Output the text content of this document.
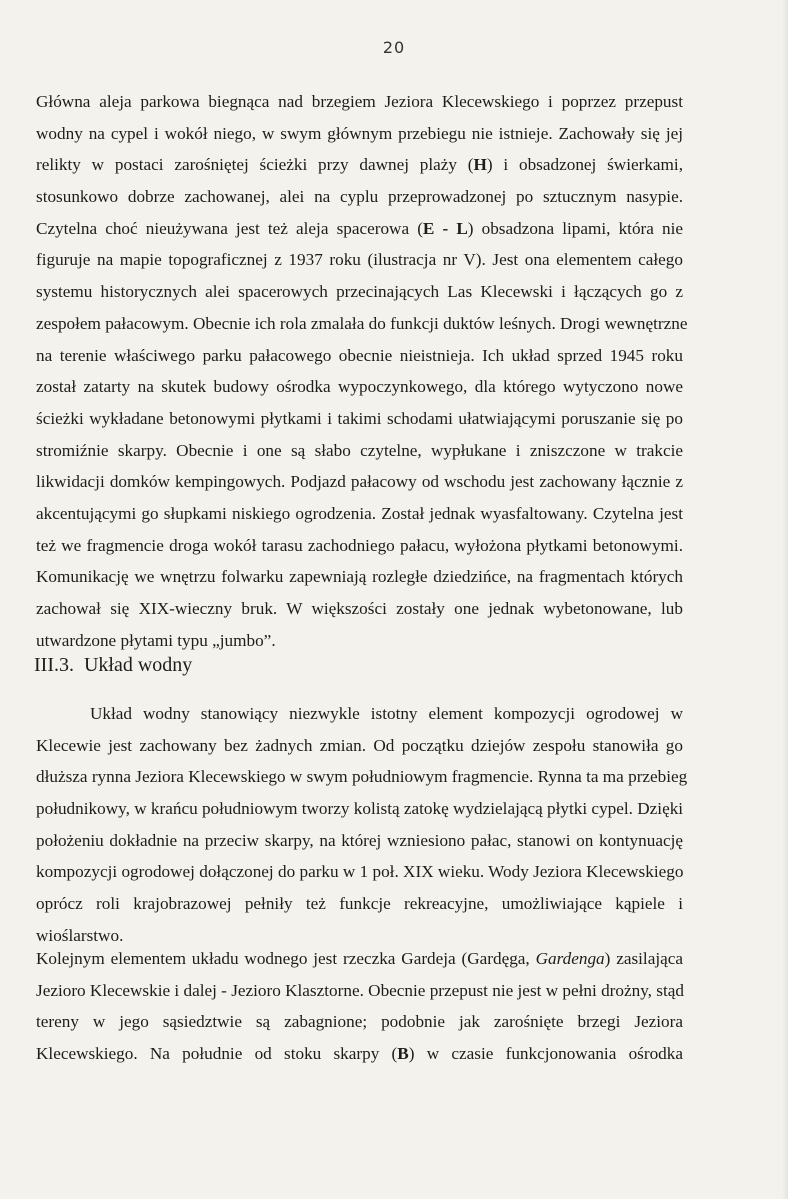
20
Główna aleja parkowa biegnąca nad brzegiem Jeziora Klecewskiego i poprzez przepust
wodny na cypel i wokół niego, w swym głównym przebiegu nie istnieje. Zachowały się jej
relikty w postaci zarośniętej ścieżki przy dawnej plaży (H) i obsadzonej świerkami,
stosunkowo dobrze zachowanej, alei na cyplu przeprowadzonej po sztucznym nasypie.
Czytelna choć nieużywana jest też aleja spacerowa (E - L) obsadzona lipami, która nie
figuruje na mapie topograficznej z 1937 roku (ilustracja nr V). Jest ona elementem całego
systemu historycznych alei spacerowych przecinających Las Klecewski i łączących go z
zespołem pałacowym. Obecnie ich rola zmalała do funkcji duktów leśnych. Drogi wewnętrzne
na terenie właściwego parku pałacowego obecnie nieistnieja. Ich układ sprzed 1945 roku
został zatarty na skutek budowy ośrodka wypoczynkowego, dla którego wytyczono nowe
ścieżki wykładane betonowymi płytkami i takimi schodami ułatwiającymi poruszanie się po
stromiźnie skarpy. Obecnie i one są słabo czytelne, wypłukane i zniszczone w trakcie
likwidacji domków kempingowych. Podjazd pałacowy od wschodu jest zachowany łącznie z
akcentującymi go słupkami niskiego ogrodzenia. Został jednak wyasfaltowany. Czytelna jest
też we fragmencie droga wokół tarasu zachodniego pałacu, wyłożona płytkami betonowymi.
Komunikację we wnętrzu folwarku zapewniają rozległe dziedzińce, na fragmentach których
zachował się XIX-wieczny bruk. W większości zostały one jednak wybetonowane, lub
utwardzone płytami typu „jumbo”.
III.3. Układ wodny
Układ wodny stanowiący niezwykle istotny element kompozycji ogrodowej w
Klecewie jest zachowany bez żadnych zmian. Od początku dziejów zespołu stanowiła go
dłuższa rynna Jeziora Klecewskiego w swym południowym fragmencie. Rynna ta ma przebieg
południkowy, w krańcu południowym tworzy kolistą zatokę wydzielającą płytki cypel. Dzięki
położeniu dokładnie na przeciw skarpy, na której wzniesiono pałac, stanowi on kontynuację
kompozycji ogrodowej dołączonej do parku w 1 poł. XIX wieku. Wody Jeziora Klecewskiego
oprócz roli krajobrazowej pełniły też funkcje rekreacyjne, umożliwiające kąpiele i
wioślarstwo.
Kolejnym elementem układu wodnego jest rzeczka Gardeja (Gardęga, Gardenga) zasilająca
Jezioro Klecewskie i dalej - Jezioro Klasztorne. Obecnie przepust nie jest w pełni drożny, stąd
tereny w jego sąsiedztwie są zabagnione; podobnie jak zarośnięte brzegi Jeziora
Klecewskiego. Na południe od stoku skarpy (B) w czasie funkcjonowania ośrodka
